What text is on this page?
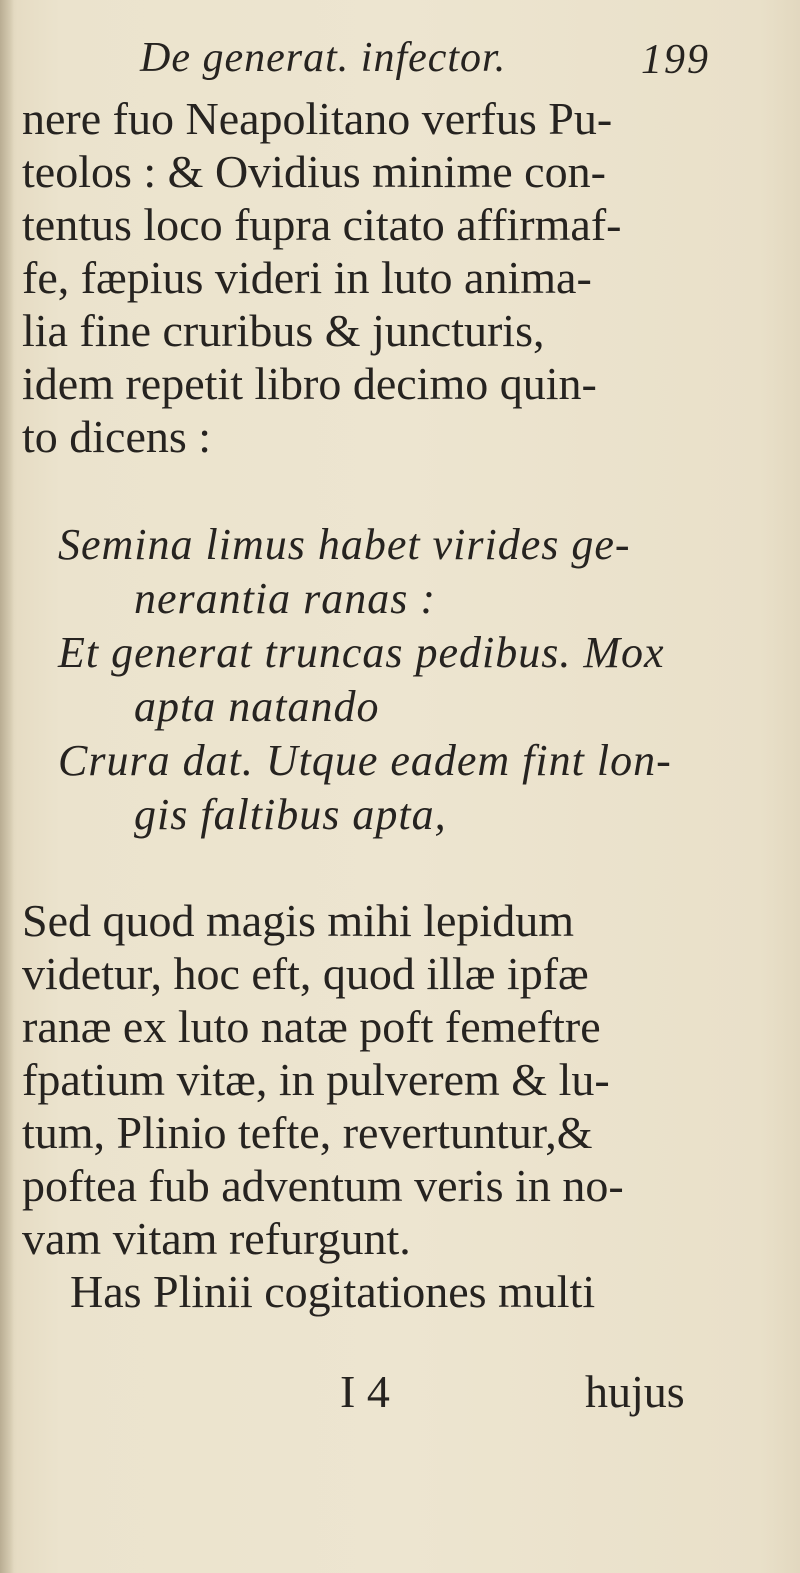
De generat. infector.	199
nere fuo Neapolitano verfus Pu-
teolos : & Ovidius minime con-
tentus loco fupra citato affirmaf-
fe, fæpius videri in luto anima-
lia fine cruribus & juncturis,
idem repetit libro decimo quin-
to dicens :
Semina limus habet virides ge-
nerantia ranas :
Et generat truncas pedibus. Mox
apta natando
Crura dat. Utque eadem fint lon-
gis faltibus apta,
Sed quod magis mihi lepidum
videtur, hoc eft, quod illæ ipfæ
ranæ ex luto natæ poft femeftre
fpatium vitæ, in pulverem & lu-
tum, Plinio tefte, revertuntur,&
poftea fub adventum veris in no-
vam vitam refurgunt.
Has Plinii cogitationes multi
I 4	hujus
